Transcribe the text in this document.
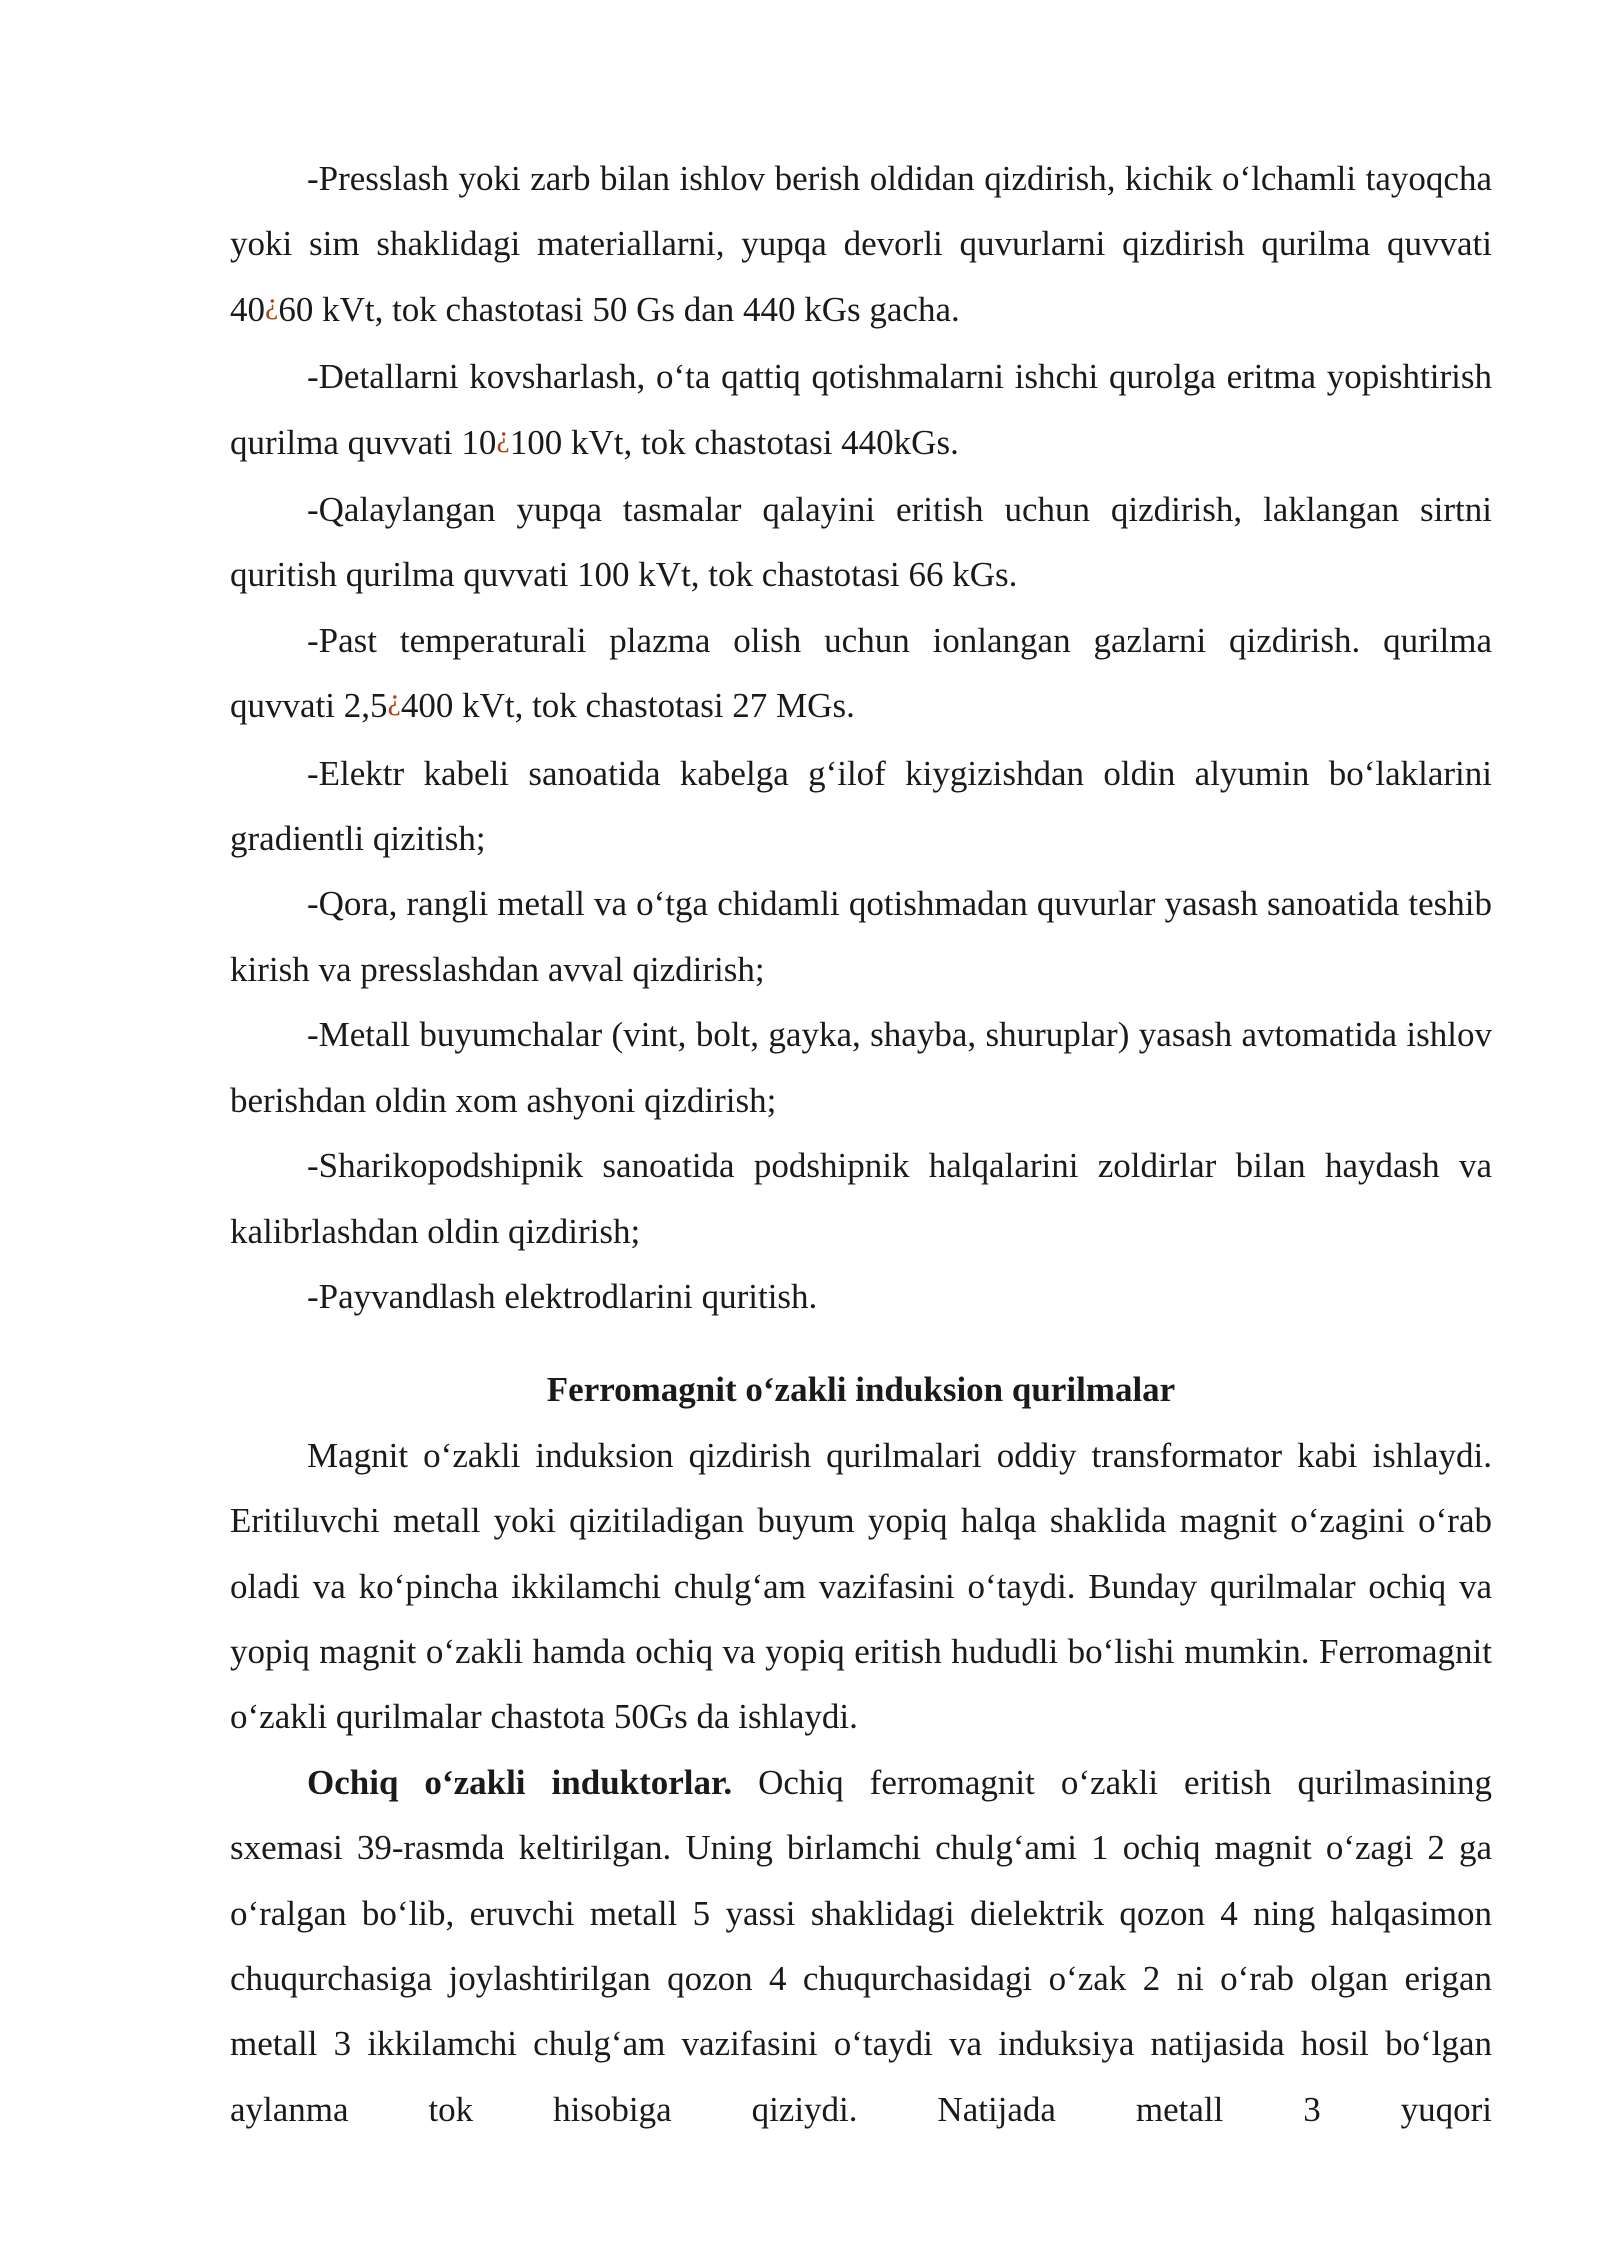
-Presslash yoki zarb bilan ishlov berish oldidan qizdirish, kichik o‘lchamli tayoqcha yoki sim shaklidagi materiallarni, yupqa devorli quvurlarni qizdirish qurilma quvvati 40¿60 kVt, tok chastotasi 50 Gs dan 440 kGs gacha.

-Detallarni kovsharlash, o‘ta qattiq qotishmalarni ishchi qurolga eritma yopishtirish qurilma quvvati 10¿100 kVt, tok chastotasi 440kGs.

-Qalaylangan yupqa tasmalar qalayini eritish uchun qizdirish, laklangan sirtni quritish qurilma quvvati 100 kVt, tok chastotasi 66 kGs.

-Past temperaturali plazma olish uchun ionlangan gazlarni qizdirish. qurilma quvvati 2,5¿400 kVt, tok chastotasi 27 MGs.

-Elektr kabeli sanoatida kabelga g‘ilof kiygizishdan oldin alyumin bo‘laklarini gradientli qizitish;

-Qora, rangli metall va o‘tga chidamli qotishmadan quvurlar yasash sanoatida teshib kirish va presslashdan avval qizdirish;

-Metall buyumchalar (vint, bolt, gayka, shayba, shuruplar) yasash avtomatida ishlov berishdan oldin xom ashyoni qizdirish;

-Sharikopodshipnik sanoatida podshipnik halqalarini zoldirlar bilan haydash va kalibrlashdan oldin qizdirish;

-Payvandlash elektrodlarini quritish.

Ferromagnit o‘zakli induksion qurilmalar

Magnit o‘zakli induksion qizdirish qurilmalari oddiy transformator kabi ishlaydi. Eritiluvchi metall yoki qizitiladigan buyum yopiq halqa shaklida magnit o‘zagini o‘rab oladi va ko‘pincha ikkilamchi chulg‘am vazifasini o‘taydi. Bunday qurilmalar ochiq va yopiq magnit o‘zakli hamda ochiq va yopiq eritish hududli bo‘lishi mumkin. Ferromagnit o‘zakli qurilmalar chastota 50Gs da ishlaydi.

Ochiq o‘zakli induktorlar. Ochiq ferromagnit o‘zakli eritish qurilmasining sxemasi 39-rasmda keltirilgan. Uning birlamchi chulg‘ami 1 ochiq magnit o‘zagi 2 ga o‘ralgan bo‘lib, eruvchi metall 5 yassi shaklidagi dielektrik qozon 4 ning halqasimon chuqurchasiga joylashtirilgan qozon 4 chuqurchasidagi o‘zak 2 ni o‘rab olgan erigan metall 3 ikkilamchi chulg‘am vazifasini o‘taydi va induksiya natijasida hosil bo‘lgan aylanma tok hisobiga qiziydi. Natijada metall 3 yuqori
